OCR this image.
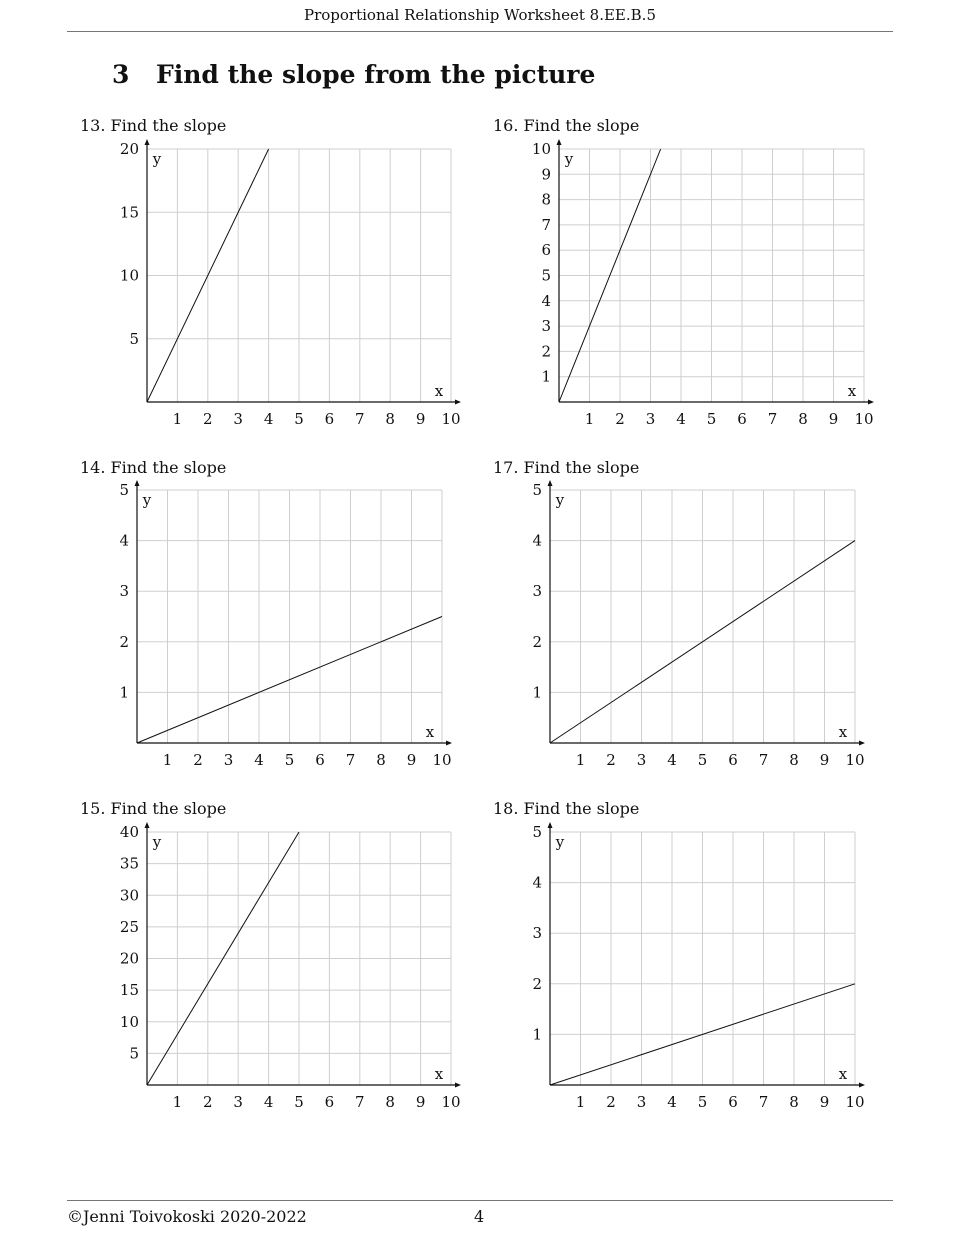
Proportional Relationship Worksheet 8.EE.B.5
3 Find the slope from the picture
13. Find the slope
14. Find the slope
15. Find the slope
16. Find the slope
17. Find the slope
18. Find the slope
1 2 3 4 5 6 7 8 9 10
5
10
15
20
x
y
1 2 3 4 5 6 7 8 9 10
1
2
3
4
5
x
y
1 2 3 4 5 6 7 8 9 10
5
10
15
20
25
30
35
40
x
y
1 2 3 4 5 6 7 8 9 10
1
2
3
4
5
6
7
8
9
10
x
y
1 2 3 4 5 6 7 8 9 10
1
2
3
4
5
x
y
1 2 3 4 5 6 7 8 9 10
1
2
3
4
5
x
y
©Jenni Toivokoski 2020-2022	4
